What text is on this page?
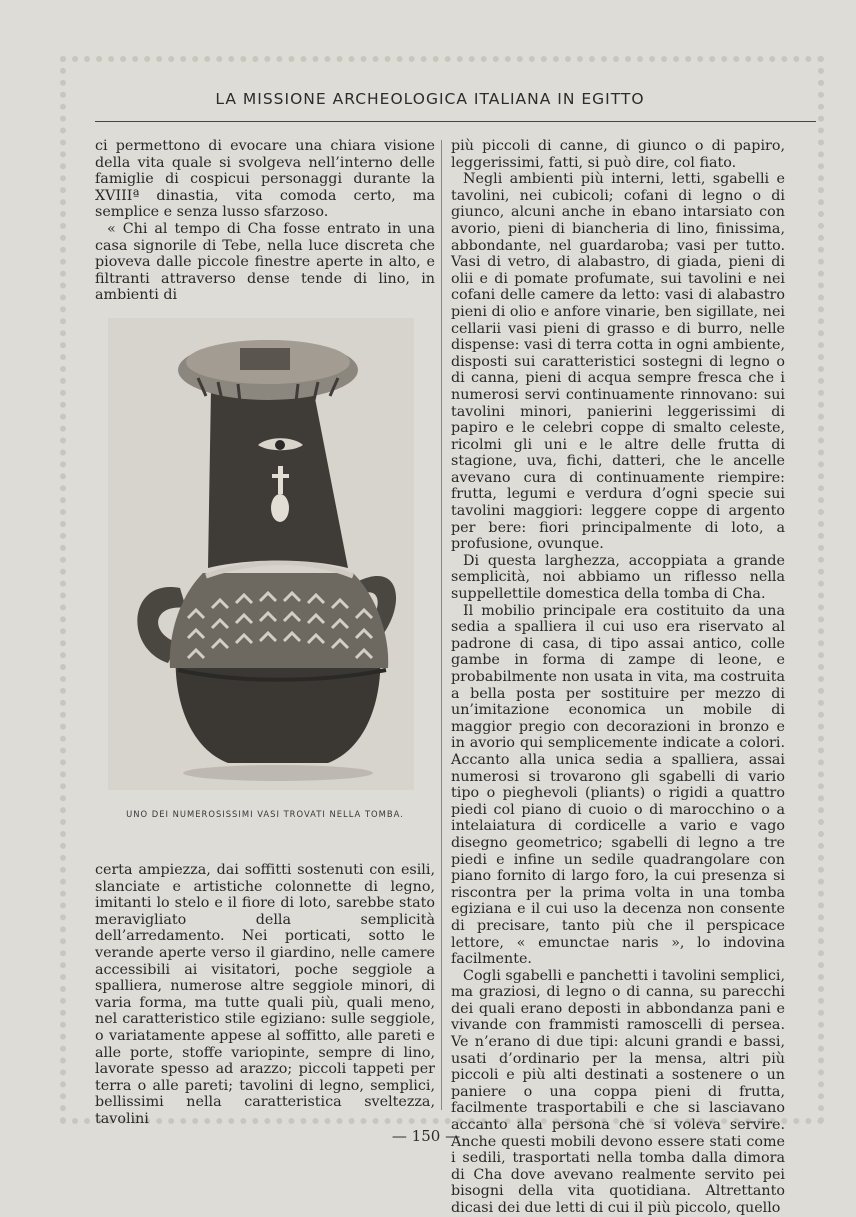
LA MISSIONE ARCHEOLOGICA ITALIANA IN EGITTO

ci permettono di evocare una chiara visione della vita quale si svolgeva nell’interno delle famiglie di cospicui personaggi durante la XVIIIª dinastia, vita comoda certo, ma semplice e senza lusso sfarzoso.

« Chi al tempo di Cha fosse entrato in una casa signorile di Tebe, nella luce discreta che pioveva dalle piccole finestre aperte in alto, e filtranti attraverso dense tende di lino, in ambienti di

UNO DEI NUMEROSISSIMI VASI TROVATI NELLA TOMBA.

certa ampiezza, dai soffitti sostenuti con esili, slanciate e artistiche colonnette di legno, imitanti lo stelo e il fiore di loto, sarebbe stato meravigliato della semplicità dell’arredamento. Nei porticati, sotto le verande aperte verso il giardino, nelle camere accessibili ai visitatori, poche seggiole a spalliera, numerose altre seggiole minori, di varia forma, ma tutte quali più, quali meno, nel caratteristico stile egiziano: sulle seggiole, o variatamente appese al soffitto, alle pareti e alle porte, stoffe variopinte, sempre di lino, lavorate spesso ad arazzo; piccoli tappeti per terra o alle pareti; tavolini di legno, semplici, bellissimi nella caratteristica sveltezza, tavolini

più piccoli di canne, di giunco o di papiro, leggerissimi, fatti, si può dire, col fiato.

Negli ambienti più interni, letti, sgabelli e tavolini, nei cubicoli; cofani di legno o di giunco, alcuni anche in ebano intarsiato con avorio, pieni di biancheria di lino, finissima, abbondante, nel guardaroba; vasi per tutto. Vasi di vetro, di alabastro, di giada, pieni di olii e di pomate profumate, sui tavolini e nei cofani delle camere da letto: vasi di alabastro pieni di olio e anfore vinarie, ben sigillate, nei cellarii vasi pieni di grasso e di burro, nelle dispense: vasi di terra cotta in ogni ambiente, disposti sui caratteristici sostegni di legno o di canna, pieni di acqua sempre fresca che i numerosi servi continuamente rinnovano: sui tavolini minori, panierini leggerissimi di papiro e le celebri coppe di smalto celeste, ricolmi gli uni e le altre delle frutta di stagione, uva, fichi, datteri, che le ancelle avevano cura di continuamente riempire: frutta, legumi e verdura d’ogni specie sui tavolini maggiori: leggere coppe di argento per bere: fiori principalmente di loto, a profusione, ovunque.

Di questa larghezza, accoppiata a grande semplicità, noi abbiamo un riflesso nella suppellettile domestica della tomba di Cha.

Il mobilio principale era costituito da una sedia a spalliera il cui uso era riservato al padrone di casa, di tipo assai antico, colle gambe in forma di zampe di leone, e probabilmente non usata in vita, ma costruita a bella posta per sostituire per mezzo di un’imitazione economica un mobile di maggior pregio con decorazioni in bronzo e in avorio qui semplicemente indicate a colori. Accanto alla unica sedia a spalliera, assai numerosi si trovarono gli sgabelli di vario tipo o pieghevoli (pliants) o rigidi a quattro piedi col piano di cuoio o di marocchino o a intelaiatura di cordicelle a vario e vago disegno geometrico; sgabelli di legno a tre piedi e infine un sedile quadrangolare con piano fornito di largo foro, la cui presenza si riscontra per la prima volta in una tomba egiziana e il cui uso la decenza non consente di precisare, tanto più che il perspicace lettore, « emunctae naris », lo indovina facilmente.

Cogli sgabelli e panchetti i tavolini semplici, ma graziosi, di legno o di canna, su parecchi dei quali erano deposti in abbondanza pani e vivande con frammisti ramoscelli di persea. Ve n’erano di due tipi: alcuni grandi e bassi, usati d’ordinario per la mensa, altri più piccoli e più alti destinati a sostenere o un paniere o una coppa pieni di frutta, facilmente trasportabili e che si lasciavano accanto alla persona che si voleva servire. Anche questi mobili devono essere stati come i sedili, trasportati nella tomba dalla dimora di Cha dove avevano realmente servito pei bisogni della vita quotidiana. Altrettanto dicasi dei due letti di cui il più piccolo, quello

— 150 —
